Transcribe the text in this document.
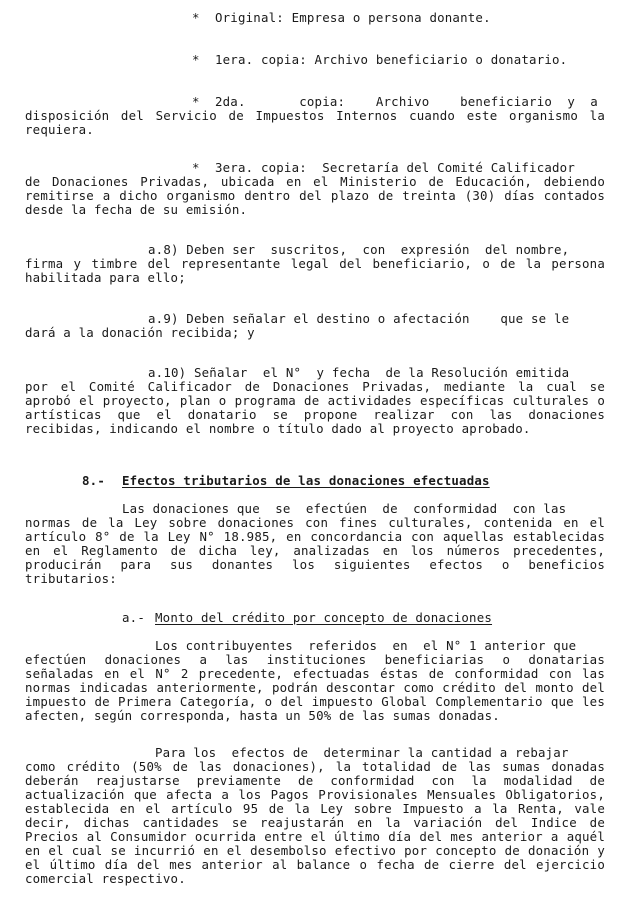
*  Original: Empresa o persona donante.
*  1era. copia: Archivo beneficiario o donatario.
*  2da.       copia:    Archivo    beneficiario  y  a
disposición del Servicio de Impuestos Internos cuando este organismo la requiera.
*  3era. copia:  Secretaría del Comité Calificador
de Donaciones Privadas, ubicada en el Ministerio de Educación, debiendo remitirse a dicho organismo dentro del plazo de treinta (30) días contados desde la fecha de su emisión.
a.8) Deben ser  suscritos,  con  expresión  del nombre,
firma y timbre del representante legal del beneficiario, o de la persona habilitada para ello;
a.9) Deben señalar el destino o afectación    que se le
dará a la donación recibida; y
a.10) Señalar  el N°  y fecha  de la Resolución emitida
por el Comité Calificador de Donaciones Privadas, mediante la cual se aprobó el proyecto, plan o programa de actividades específicas culturales o artísticas que el donatario se propone realizar con las donaciones recibidas, indicando el nombre o título dado al proyecto aprobado.
8.- Efectos tributarios de las donaciones efectuadas
Las donaciones que  se  efectúen  de  conformidad  con las
normas de la Ley sobre donaciones con fines culturales, contenida en el artículo 8° de la Ley N° 18.985, en concordancia con aquellas establecidas en el Reglamento de dicha ley, analizadas en los números precedentes, producirán para sus donantes los siguientes efectos o beneficios tributarios:
a.- Monto del crédito por concepto de donaciones
Los contribuyentes  referidos  en  el N° 1 anterior que
efectúen donaciones a las instituciones beneficiarias o donatarias señaladas en el N° 2 precedente, efectuadas éstas de conformidad con las normas indicadas anteriormente, podrán descontar como crédito del monto del impuesto de Primera Categoría, o del impuesto Global Complementario que les afecten, según corresponda, hasta un 50% de las sumas donadas.
Para los  efectos de  determinar la cantidad a rebajar
como crédito (50% de las donaciones), la totalidad de las sumas donadas deberán reajustarse previamente de conformidad con la modalidad de actualización que afecta a los Pagos Provisionales Mensuales Obligatorios, establecida en el artículo 95 de la Ley sobre Impuesto a la Renta, vale decir, dichas cantidades se reajustarán en la variación del Indice de Precios al Consumidor ocurrida entre el último día del mes anterior a aquél en el cual se incurrió en el desembolso efectivo por concepto de donación y el último día del mes anterior al balance o fecha de cierre del ejercicio comercial respectivo.
